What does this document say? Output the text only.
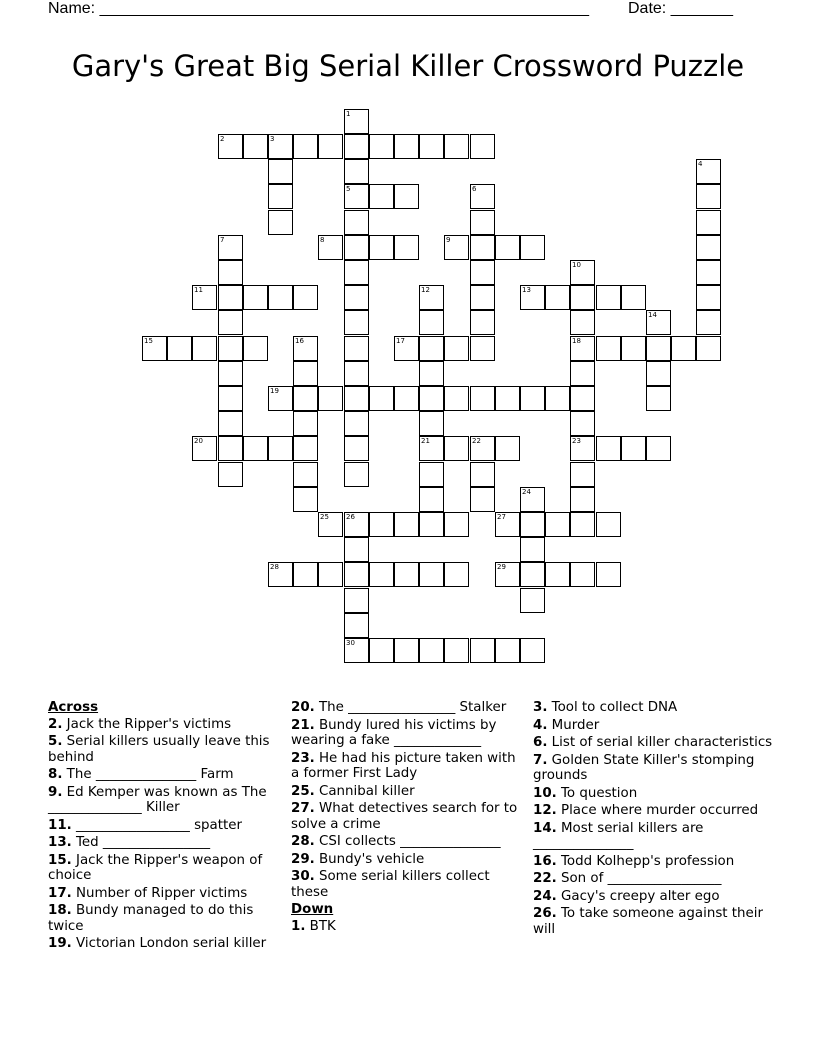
Name: _______________________________________________________ Date: _______
Gary's Great Big Serial Killer Crossword Puzzle
1
2	3
4
5	6
7	8	9
10
11	12	13
14
15	16	17	18
19
20	21	22	23
24
25 26	27
28	29
30
Across
2. Jack the Ripper's victims
5. Serial killers usually leave this behind
8. The _______________ Farm
9. Ed Kemper was known as The ______________ Killer
11. _________________ spatter
13. Ted ________________
15. Jack the Ripper's weapon of choice
17. Number of Ripper victims
18. Bundy managed to do this twice
19. Victorian London serial killer
20. The ________________ Stalker
21. Bundy lured his victims by wearing a fake _____________
23. He had his picture taken with a former First Lady
25. Cannibal killer
27. What detectives search for to solve a crime
28. CSI collects _______________
29. Bundy's vehicle
30. Some serial killers collect these
Down
1. BTK
3. Tool to collect DNA
4. Murder
6. List of serial killer characteristics
7. Golden State Killer's stomping grounds
10. To question
12. Place where murder occurred
14. Most serial killers are _______________
16. Todd Kolhepp's profession
22. Son of _________________
24. Gacy's creepy alter ego
26. To take someone against their will
